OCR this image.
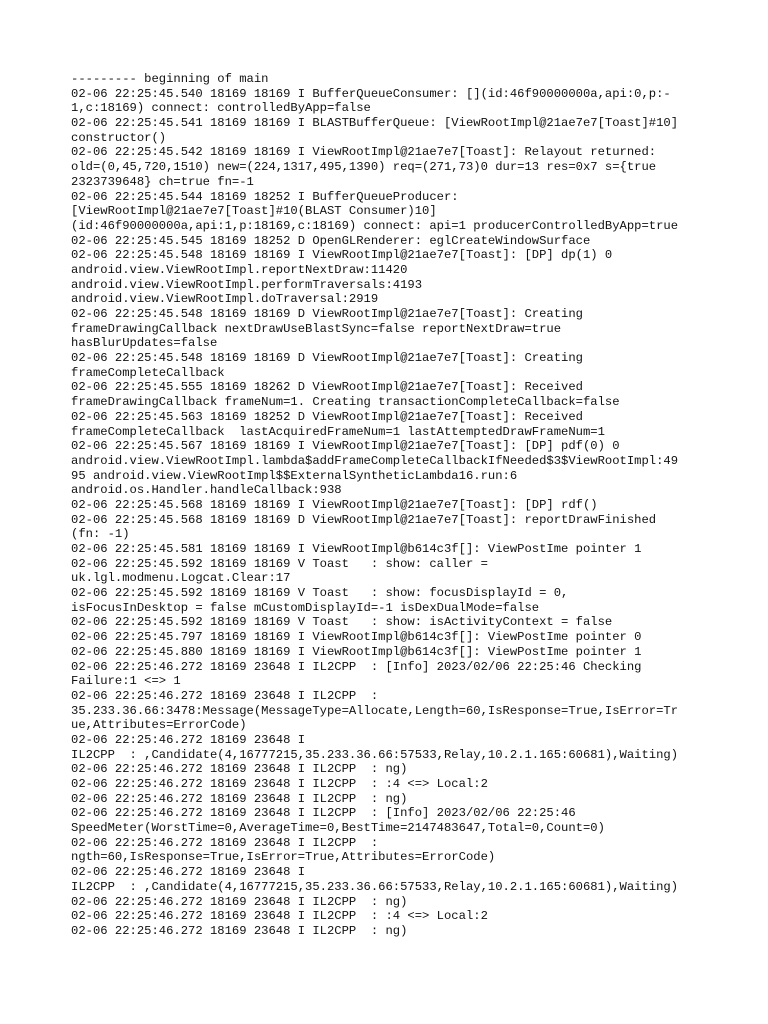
--------- beginning of main
02-06 22:25:45.540 18169 18169 I BufferQueueConsumer: [](id:46f90000000a,api:0,p:-
1,c:18169) connect: controlledByApp=false
02-06 22:25:45.541 18169 18169 I BLASTBufferQueue: [ViewRootImpl@21ae7e7[Toast]#10]
constructor()
02-06 22:25:45.542 18169 18169 I ViewRootImpl@21ae7e7[Toast]: Relayout returned:
old=(0,45,720,1510) new=(224,1317,495,1390) req=(271,73)0 dur=13 res=0x7 s={true
2323739648} ch=true fn=-1
02-06 22:25:45.544 18169 18252 I BufferQueueProducer:
[ViewRootImpl@21ae7e7[Toast]#10(BLAST Consumer)10]
(id:46f90000000a,api:1,p:18169,c:18169) connect: api=1 producerControlledByApp=true
02-06 22:25:45.545 18169 18252 D OpenGLRenderer: eglCreateWindowSurface
02-06 22:25:45.548 18169 18169 I ViewRootImpl@21ae7e7[Toast]: [DP] dp(1) 0
android.view.ViewRootImpl.reportNextDraw:11420
android.view.ViewRootImpl.performTraversals:4193
android.view.ViewRootImpl.doTraversal:2919
02-06 22:25:45.548 18169 18169 D ViewRootImpl@21ae7e7[Toast]: Creating
frameDrawingCallback nextDrawUseBlastSync=false reportNextDraw=true
hasBlurUpdates=false
02-06 22:25:45.548 18169 18169 D ViewRootImpl@21ae7e7[Toast]: Creating
frameCompleteCallback
02-06 22:25:45.555 18169 18262 D ViewRootImpl@21ae7e7[Toast]: Received
frameDrawingCallback frameNum=1. Creating transactionCompleteCallback=false
02-06 22:25:45.563 18169 18252 D ViewRootImpl@21ae7e7[Toast]: Received
frameCompleteCallback  lastAcquiredFrameNum=1 lastAttemptedDrawFrameNum=1
02-06 22:25:45.567 18169 18169 I ViewRootImpl@21ae7e7[Toast]: [DP] pdf(0) 0
android.view.ViewRootImpl.lambda$addFrameCompleteCallbackIfNeeded$3$ViewRootImpl:49
95 android.view.ViewRootImpl$$ExternalSyntheticLambda16.run:6
android.os.Handler.handleCallback:938
02-06 22:25:45.568 18169 18169 I ViewRootImpl@21ae7e7[Toast]: [DP] rdf()
02-06 22:25:45.568 18169 18169 D ViewRootImpl@21ae7e7[Toast]: reportDrawFinished
(fn: -1)
02-06 22:25:45.581 18169 18169 I ViewRootImpl@b614c3f[]: ViewPostIme pointer 1
02-06 22:25:45.592 18169 18169 V Toast   : show: caller =
uk.lgl.modmenu.Logcat.Clear:17
02-06 22:25:45.592 18169 18169 V Toast   : show: focusDisplayId = 0,
isFocusInDesktop = false mCustomDisplayId=-1 isDexDualMode=false
02-06 22:25:45.592 18169 18169 V Toast   : show: isActivityContext = false
02-06 22:25:45.797 18169 18169 I ViewRootImpl@b614c3f[]: ViewPostIme pointer 0
02-06 22:25:45.880 18169 18169 I ViewRootImpl@b614c3f[]: ViewPostIme pointer 1
02-06 22:25:46.272 18169 23648 I IL2CPP  : [Info] 2023/02/06 22:25:46 Checking
Failure:1 <=> 1
02-06 22:25:46.272 18169 23648 I IL2CPP  :
35.233.36.66:3478:Message(MessageType=Allocate,Length=60,IsResponse=True,IsError=Tr
ue,Attributes=ErrorCode)
02-06 22:25:46.272 18169 23648 I
IL2CPP  : ,Candidate(4,16777215,35.233.36.66:57533,Relay,10.2.1.165:60681),Waiting)
02-06 22:25:46.272 18169 23648 I IL2CPP  : ng)
02-06 22:25:46.272 18169 23648 I IL2CPP  : :4 <=> Local:2
02-06 22:25:46.272 18169 23648 I IL2CPP  : ng)
02-06 22:25:46.272 18169 23648 I IL2CPP  : [Info] 2023/02/06 22:25:46
SpeedMeter(WorstTime=0,AverageTime=0,BestTime=2147483647,Total=0,Count=0)
02-06 22:25:46.272 18169 23648 I IL2CPP  :
ngth=60,IsResponse=True,IsError=True,Attributes=ErrorCode)
02-06 22:25:46.272 18169 23648 I
IL2CPP  : ,Candidate(4,16777215,35.233.36.66:57533,Relay,10.2.1.165:60681),Waiting)
02-06 22:25:46.272 18169 23648 I IL2CPP  : ng)
02-06 22:25:46.272 18169 23648 I IL2CPP  : :4 <=> Local:2
02-06 22:25:46.272 18169 23648 I IL2CPP  : ng)
